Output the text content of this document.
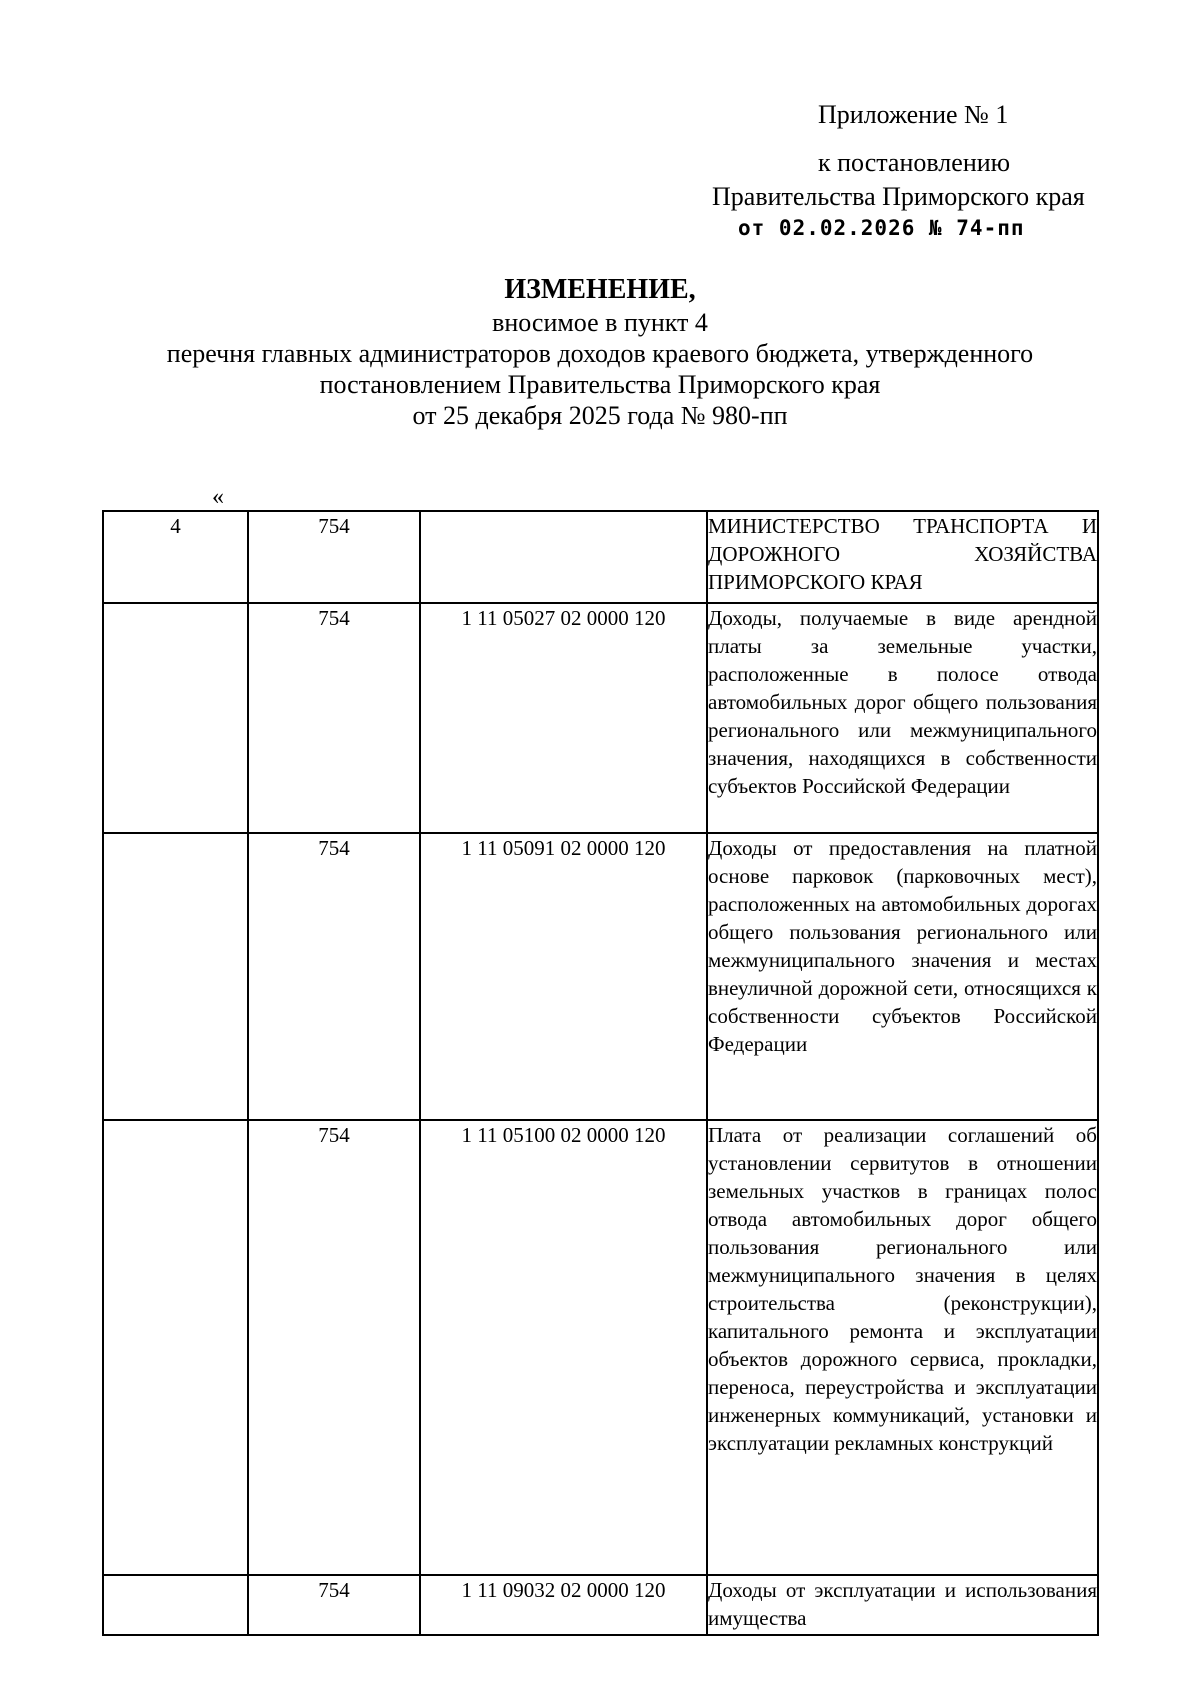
Приложение № 1
к постановлению
Правительства Приморского края
от 02.02.2026 № 74-пп
ИЗМЕНЕНИЕ,
вносимое в пункт 4
перечня главных администраторов доходов краевого бюджета, утвержденного
постановлением Правительства Приморского края
от 25 декабря 2025 года № 980-пп
«
4	754		МИНИСТЕРСТВО ТРАНСПОРТА И ДОРОЖНОГО ХОЗЯЙСТВА ПРИМОРСКОГО КРАЯ
	754	1 11 05027 02 0000 120	Доходы, получаемые в виде арендной платы за земельные участки, расположенные в полосе отвода автомобильных дорог общего пользования регионального или межмуниципального значения, находящихся в собственности субъектов Российской Федерации
	754	1 11 05091 02 0000 120	Доходы от предоставления на платной основе парковок (парковочных мест), расположенных на автомобильных дорогах общего пользования регионального или межмуниципального значения и местах внеуличной дорожной сети, относящихся к собственности субъектов Российской Федерации
	754	1 11 05100 02 0000 120	Плата от реализации соглашений об установлении сервитутов в отношении земельных участков в границах полос отвода автомобильных дорог общего пользования регионального или межмуниципального значения в целях строительства (реконструкции), капитального ремонта и эксплуатации объектов дорожного сервиса, прокладки, переноса, переустройства и эксплуатации инженерных коммуникаций, установки и эксплуатации рекламных конструкций
	754	1 11 09032 02 0000 120	Доходы от эксплуатации и использования имущества
